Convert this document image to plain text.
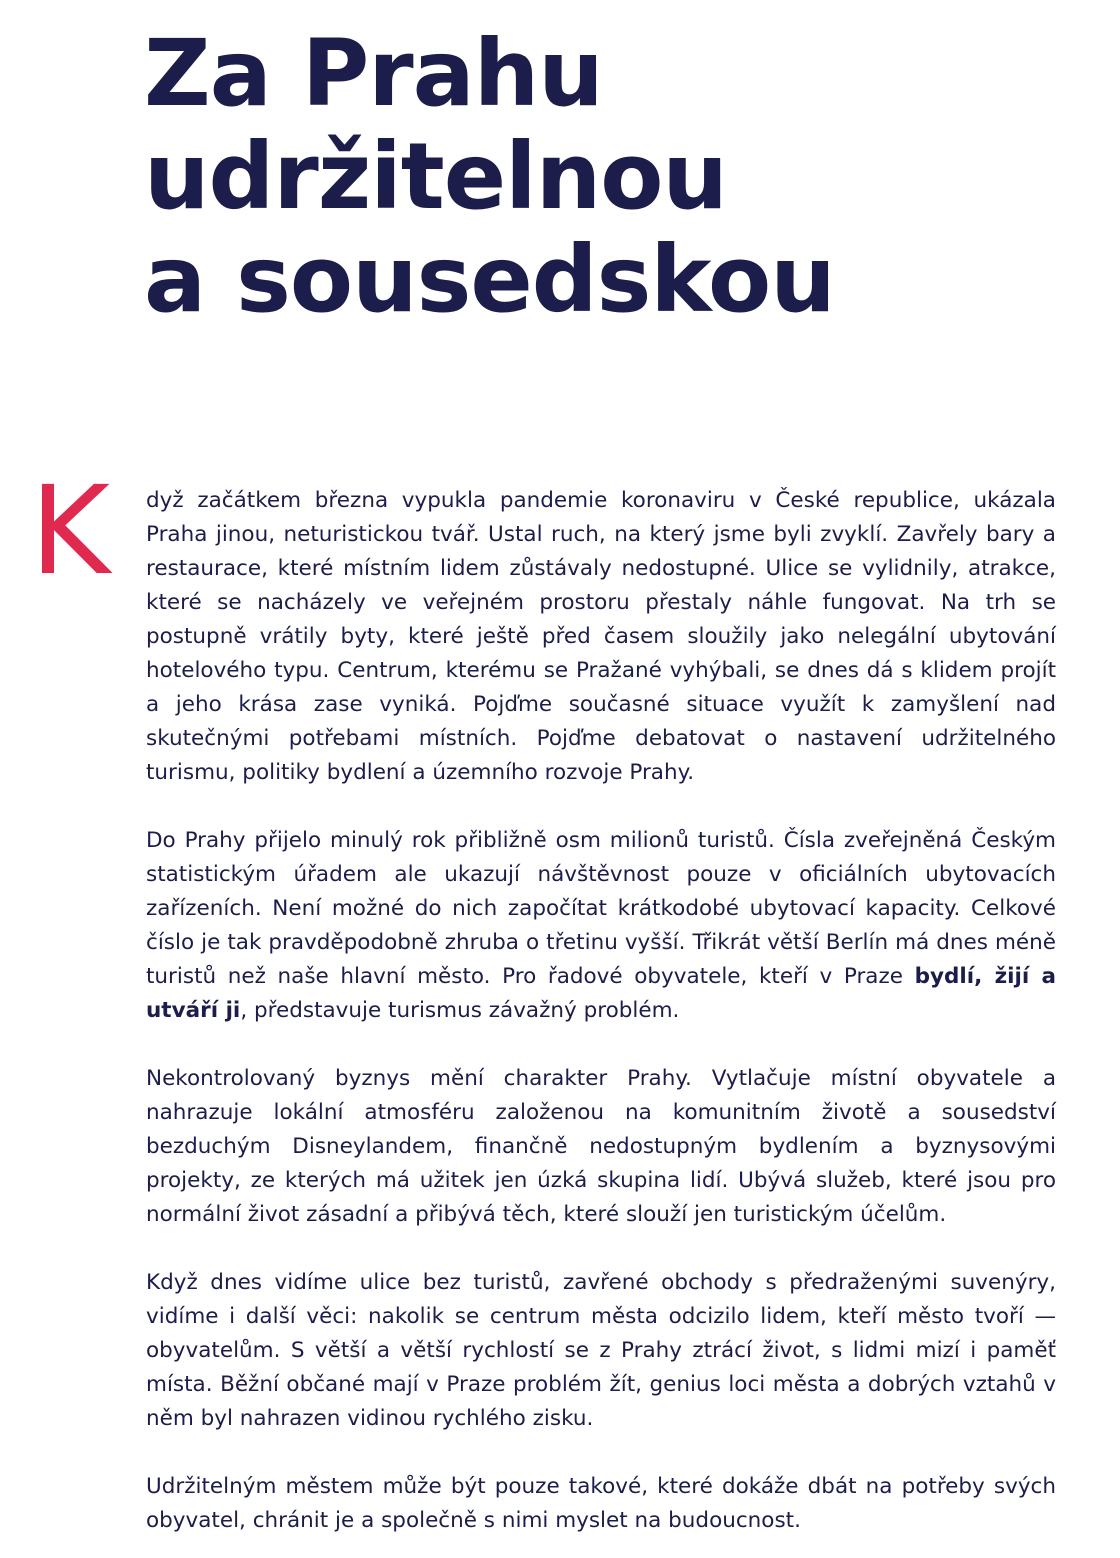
Za Prahu
udržitelnou
a sousedskou
K dyž začátkem března vypukla pandemie koronaviru v České republice, ukázala Praha jinou, neturistickou tvář. Ustal ruch, na který jsme byli zvyklí. Zavřely bary a restaurace, které místním lidem zůstávaly nedostupné. Ulice se vylidnily, atrakce, které se nacházely ve veřejném prostoru přestaly náhle fungovat. Na trh se postupně vrátily byty, které ještě před časem sloužily jako nelegální ubytování hotelového typu. Centrum, kterému se Pražané vyhýbali, se dnes dá s klidem projít a jeho krása zase vyniká. Pojďme současné situace využít k zamyšlení nad skutečnými potřebami místních. Pojďme debatovat o nastavení udržitelného turismu, politiky bydlení a územního rozvoje Prahy.

Do Prahy přijelo minulý rok přibližně osm milionů turistů. Čísla zveřejněná Českým statistickým úřadem ale ukazují návštěvnost pouze v oficiálních ubytovacích zařízeních. Není možné do nich započítat krátkodobé ubytovací kapacity. Celkové číslo je tak pravděpodobně zhruba o třetinu vyšší. Třikrát větší Berlín má dnes méně turistů než naše hlavní město. Pro řadové obyvatele, kteří v Praze bydlí, žijí a utváří ji, představuje turismus závažný problém.

Nekontrolovaný byznys mění charakter Prahy. Vytlačuje místní obyvatele a nahrazuje lokální atmosféru založenou na komunitním životě a sousedství bezduchým Disneylandem, finančně nedostupným bydlením a byznysovými projekty, ze kterých má užitek jen úzká skupina lidí. Ubývá služeb, které jsou pro normální život zásadní a přibývá těch, které slouží jen turistickým účelům.

Když dnes vidíme ulice bez turistů, zavřené obchody s předraženými suvenýry, vidíme i další věci: nakolik se centrum města odcizilo lidem, kteří město tvoří — obyvatelům. S větší a větší rychlostí se z Prahy ztrácí život, s lidmi mizí i paměť místa. Běžní občané mají v Praze problém žít, genius loci města a dobrých vztahů v něm byl nahrazen vidinou rychlého zisku.

Udržitelným městem může být pouze takové, které dokáže dbát na potřeby svých obyvatel, chránit je a společně s nimi myslet na budoucnost.
